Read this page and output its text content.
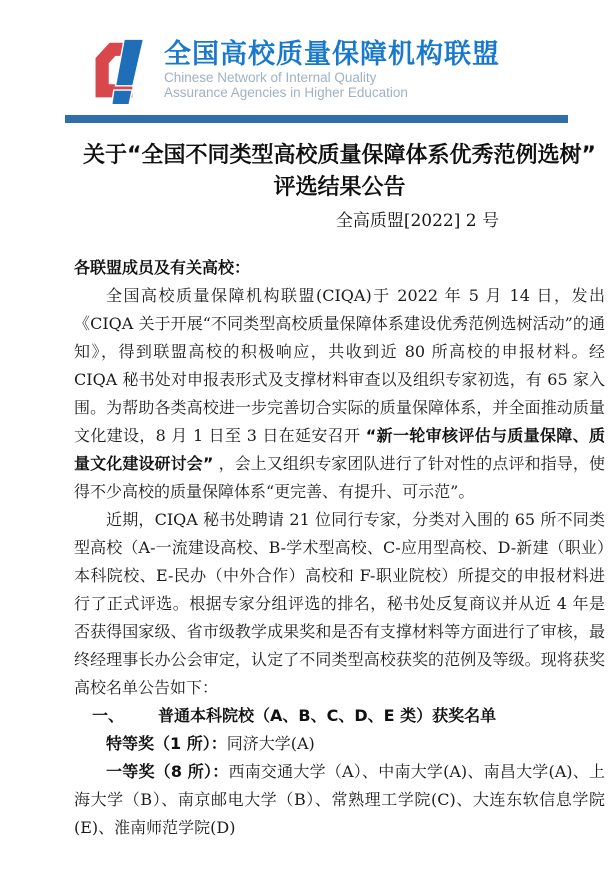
全国高校质量保障机构联盟
Chinese Network of Internal Quality
Assurance Agencies in Higher Education
关于“全国不同类型高校质量保障体系优秀范例选树”
评选结果公告
全高质盟[2022] 2 号

各联盟成员及有关高校：

全国高校质量保障机构联盟(CIQA)于 2022 年 5 月 14 日，发出《CIQA 关于开展“不同类型高校质量保障体系建设优秀范例选树活动”的通知》，得到联盟高校的积极响应，共收到近 80 所高校的申报材料。经 CIQA 秘书处对申报表形式及支撑材料审查以及组织专家初选，有 65 家入围。为帮助各类高校进一步完善切合实际的质量保障体系，并全面推动质量文化建设，8 月 1 日至 3 日在延安召开 “新一轮审核评估与质量保障、质量文化建设研讨会” ，会上又组织专家团队进行了针对性的点评和指导，使得不少高校的质量保障体系“更完善、有提升、可示范”。

近期，CIQA 秘书处聘请 21 位同行专家，分类对入围的 65 所不同类型高校（A-一流建设高校、B-学术型高校、C-应用型高校、D-新建（职业）本科院校、E-民办（中外合作）高校和 F-职业院校）所提交的申报材料进行了正式评选。根据专家分组评选的排名，秘书处反复商议并从近 4 年是否获得国家级、省市级教学成果奖和是否有支撑材料等方面进行了审核，最终经理事长办公会审定，认定了不同类型高校获奖的范例及等级。现将获奖高校名单公告如下：

一、 普通本科院校（A、B、C、D、E 类）获奖名单

特等奖（1 所）：同济大学(A)

一等奖（8 所）：西南交通大学（A）、中南大学(A)、南昌大学(A)、上海大学（B）、南京邮电大学（B）、常熟理工学院(C)、大连东软信息学院(E)、淮南师范学院(D)
